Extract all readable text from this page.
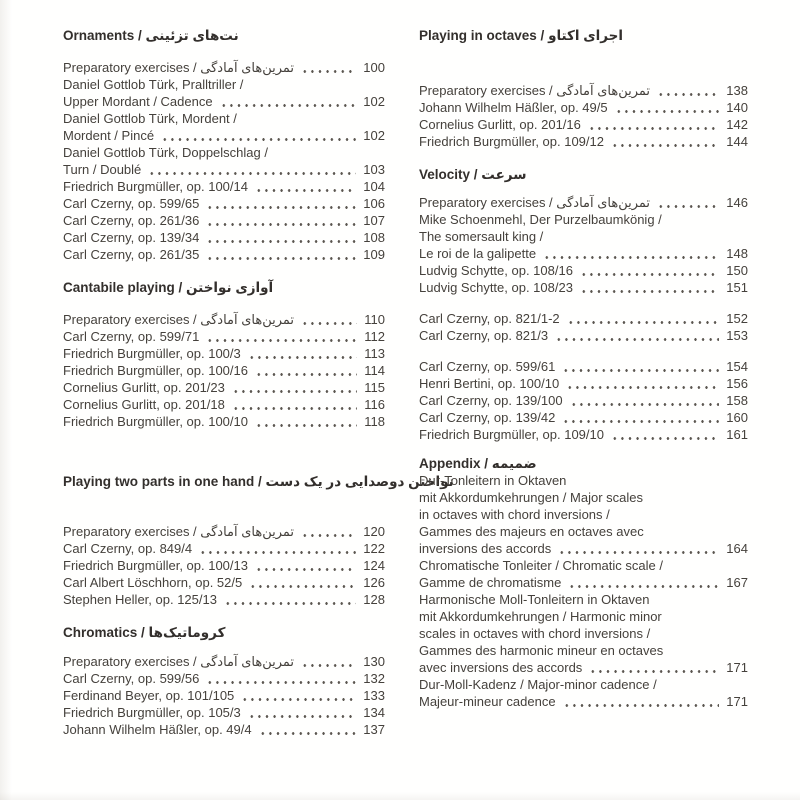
Ornaments / نت‌های تزئینی
Preparatory exercises / تمرین‌های آمادگی	100
Daniel Gottlob Türk, Pralltriller /
Upper Mordant / Cadence	102
Daniel Gottlob Türk, Mordent /
Mordent / Pincé	102
Daniel Gottlob Türk, Doppelschlag /
Turn / Doublé	103
Friedrich Burgmüller, op. 100/14	104
Carl Czerny, op. 599/65	106
Carl Czerny, op. 261/36	107
Carl Czerny, op. 139/34	108
Carl Czerny, op. 261/35	109
Cantabile playing / آوازی نواختن
Preparatory exercises / تمرین‌های آمادگی	110
Carl Czerny, op. 599/71	112
Friedrich Burgmüller, op. 100/3	113
Friedrich Burgmüller, op. 100/16	114
Cornelius Gurlitt, op. 201/23	115
Cornelius Gurlitt, op. 201/18	116
Friedrich Burgmüller, op. 100/10	118
Playing two parts in one hand / نواختن دوصدایی در یک دست
Preparatory exercises / تمرین‌های آمادگی	120
Carl Czerny, op. 849/4	122
Friedrich Burgmüller, op. 100/13	124
Carl Albert Löschhorn, op. 52/5	126
Stephen Heller, op. 125/13	128
Chromatics / کروماتیک‌ها
Preparatory exercises / تمرین‌های آمادگی	130
Carl Czerny, op. 599/56	132
Ferdinand Beyer, op. 101/105	133
Friedrich Burgmüller, op. 105/3	134
Johann Wilhelm Häßler, op. 49/4	137
Playing in octaves / اجرای اکتاو
Preparatory exercises / تمرین‌های آمادگی	138
Johann Wilhelm Häßler, op. 49/5	140
Cornelius Gurlitt, op. 201/16	142
Friedrich Burgmüller, op. 109/12	144
Velocity / سرعت
Preparatory exercises / تمرین‌های آمادگی	146
Mike Schoenmehl, Der Purzelbaumkönig /
The somersault king /
Le roi de la galipette	148
Ludvig Schytte, op. 108/16	150
Ludvig Schytte, op. 108/23	151
Carl Czerny, op. 821/1-2	152
Carl Czerny, op. 821/3	153
Carl Czerny, op. 599/61	154
Henri Bertini, op. 100/10	156
Carl Czerny, op. 139/100	158
Carl Czerny, op. 139/42	160
Friedrich Burgmüller, op. 109/10	161
Appendix / ضمیمه
Dur-Tonleitern in Oktaven
mit Akkordumkehrungen / Major scales
in octaves with chord inversions /
Gammes des majeurs en octaves avec
inversions des accords	164
Chromatische Tonleiter / Chromatic scale /
Gamme de chromatisme	167
Harmonische Moll-Tonleitern in Oktaven
mit Akkordumkehrungen / Harmonic minor
scales in octaves with chord inversions /
Gammes des harmonic mineur en octaves
avec inversions des accords	171
Dur-Moll-Kadenz / Major-minor cadence /
Majeur-mineur cadence	171
